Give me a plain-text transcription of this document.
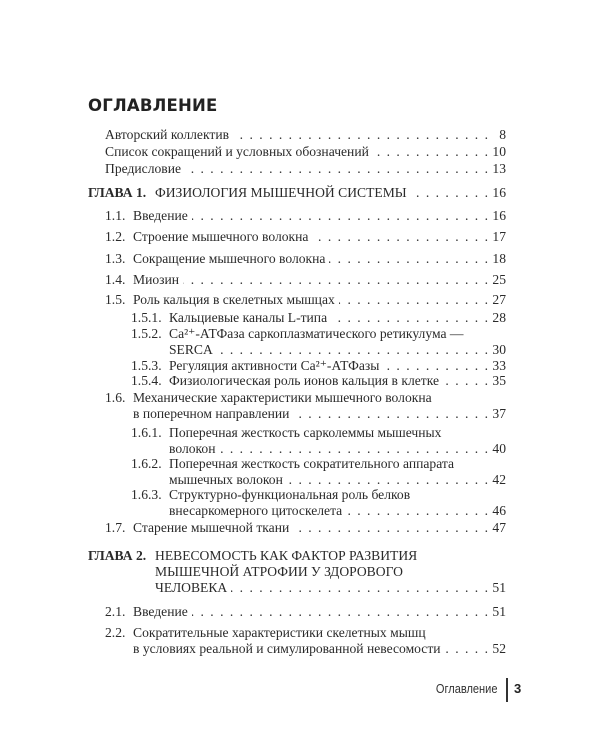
ОГЛАВЛЕНИЕ
Авторский коллектив . . .	8
Список сокращений и условных обозначений . . .	10
Предисловие . . .	13
ГЛАВА 1. ФИЗИОЛОГИЯ МЫШЕЧНОЙ СИСТЕМЫ . . .	16
1.1. Введение . . .	16
1.2. Строение мышечного волокна . . .	17
1.3. Сокращение мышечного волокна . . .	18
1.4. Миозин . . .	25
1.5. Роль кальция в скелетных мышцах . . .	27
1.5.1. Кальциевые каналы L-типа . . .	28
1.5.2. Ca²⁺-АТФаза саркоплазматического ретикулума —
SERCA . . .	30
1.5.3. Регуляция активности Ca²⁺-АТФазы . . .	33
1.5.4. Физиологическая роль ионов кальция в клетке . . .	35
1.6. Механические характеристики мышечного волокна
в поперечном направлении . . .	37
1.6.1. Поперечная жесткость сарколеммы мышечных
волокон . . .	40
1.6.2. Поперечная жесткость сократительного аппарата
мышечных волокон . . .	42
1.6.3. Структурно-функциональная роль белков
внесаркомерного цитоскелета . . .	46
1.7. Старение мышечной ткани . . .	47
ГЛАВА 2. НЕВЕСОМОСТЬ КАК ФАКТОР РАЗВИТИЯ
МЫШЕЧНОЙ АТРОФИИ У ЗДОРОВОГО
ЧЕЛОВЕКА . . .	51
2.1. Введение . . .	51
2.2. Сократительные характеристики скелетных мышц
в условиях реальной и симулированной невесомости . . .	52
Оглавление 3
